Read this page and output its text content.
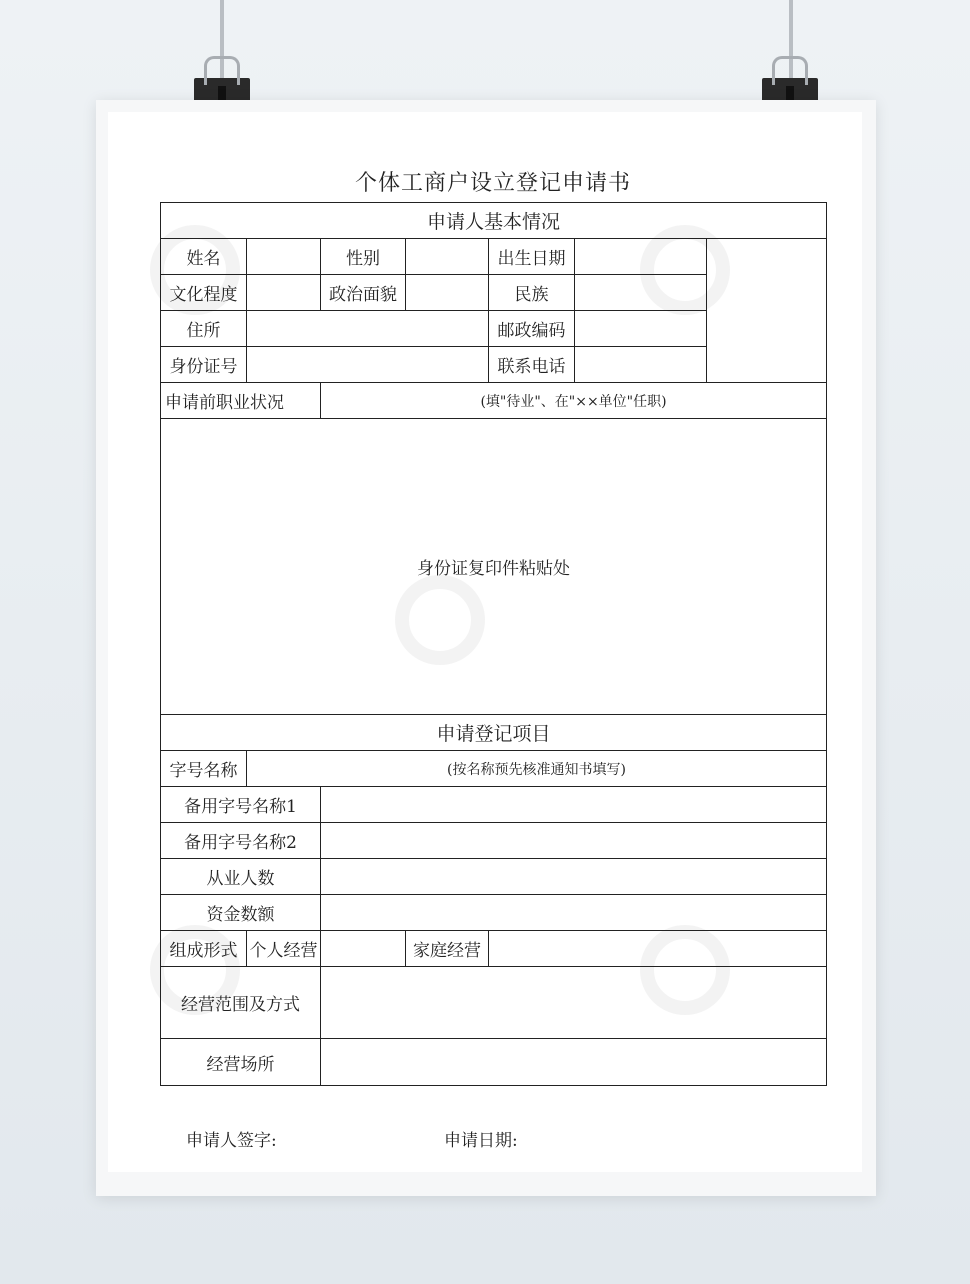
个体工商户设立登记申请书
申请人基本情况						
姓名		性别		出生日期		
文化程度		政治面貌		民族		
住所				邮政编码		
身份证号				联系电话		
申请前职业状况		(填"待业"、在"××单位"任职)				
身份证复印件粘贴处						
申请登记项目						
字号名称	(按名称预先核准通知书填写)					
备用字号名称1						
备用字号名称2						
从业人数						
资金数额						
组成形式	个人经营		家庭经营			
经营范围及方式						
经营场所						
申请人签字:	申请日期:
